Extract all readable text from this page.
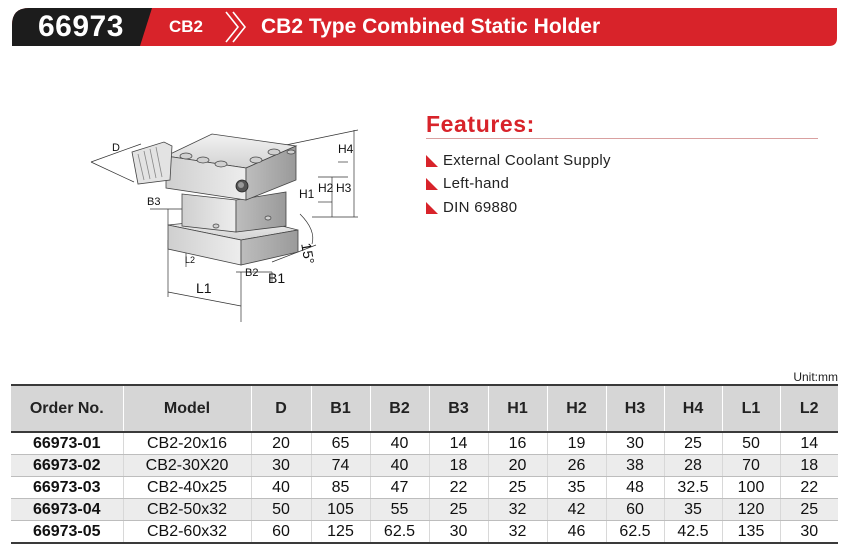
66973	CB2	CB2 Type Combined Static Holder
D	H4
H1 H2 H3
B3
L2
B2 B1
L1
15°
Features:
External Coolant Supply
Left-hand
DIN 69880
Unit:mm
Order No.	Model	D	B1	B2	B3	H1	H2	H3	H4	L1	L2
66973-01	CB2-20x16	20	65	40	14	16	19	30	25	50	14
66973-02	CB2-30X20	30	74	40	18	20	26	38	28	70	18
66973-03	CB2-40x25	40	85	47	22	25	35	48	32.5	100	22
66973-04	CB2-50x32	50	105	55	25	32	42	60	35	120	25
66973-05	CB2-60x32	60	125	62.5	30	32	46	62.5	42.5	135	30
